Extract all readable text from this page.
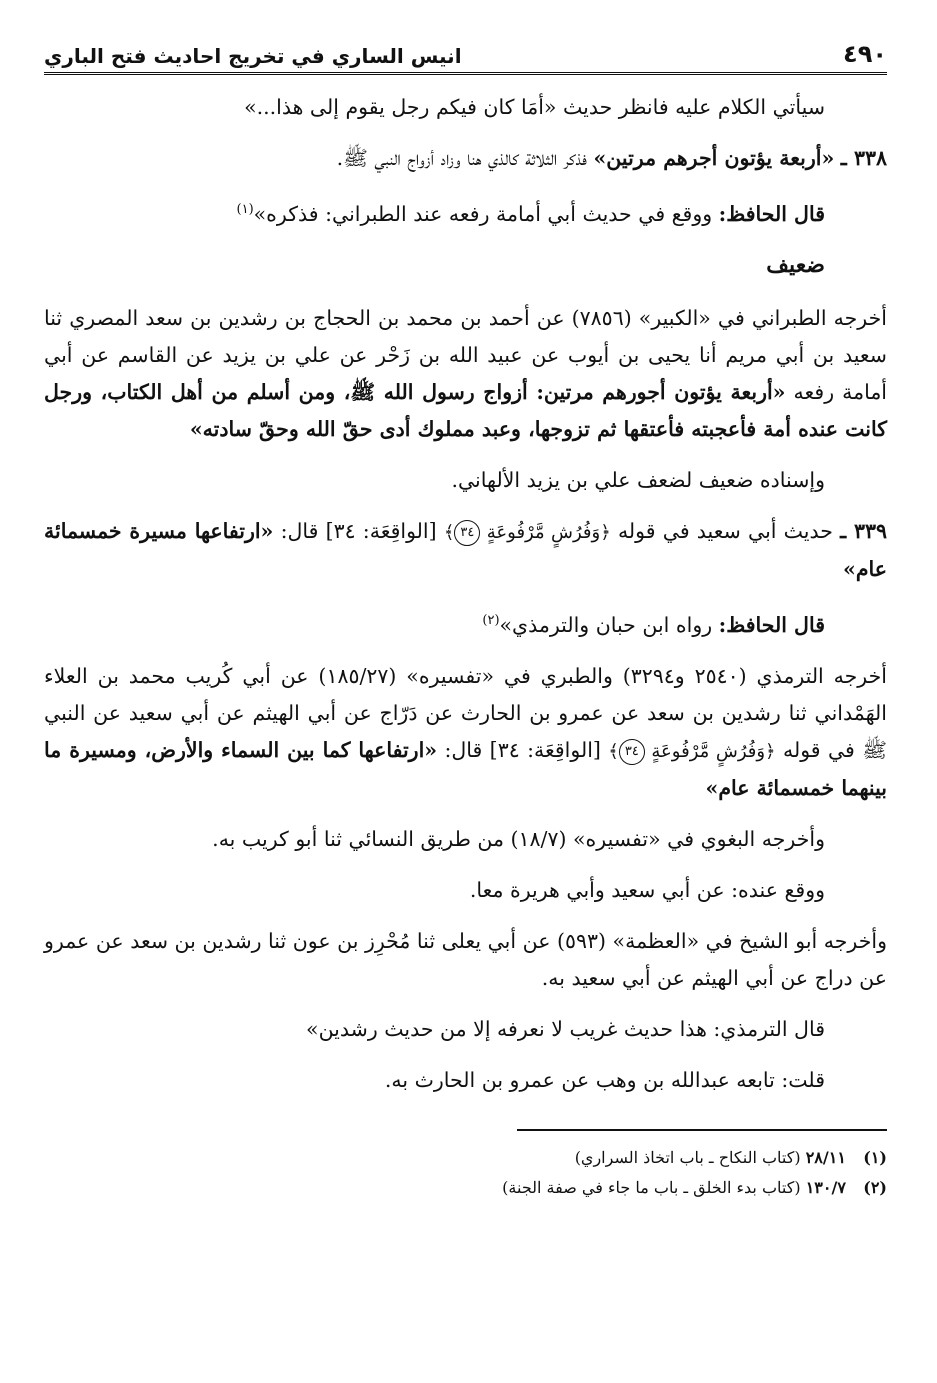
٤٩٠
انيس الساري في تخريج احاديث فتح الباري

سيأتي الكلام عليه فانظر حديث «أمَا كان فيكم رجل يقوم إلى هذا...»

٣٣٨ ـ «أربعة يؤتون أجرهم مرتين» فذكر الثلاثة كالذي هنا وزاد أزواج النبي ﷺ.

قال الحافظ: ووقع في حديث أبي أمامة رفعه عند الطبراني: فذكره»$^{(١)}$

ضعيف

أخرجه الطبراني في «الكبير» (٧٨٥٦) عن أحمد بن محمد بن الحجاج بن رشدين بن سعد المصري ثنا سعيد بن أبي مريم أنا يحيى بن أيوب عن عبيد الله بن زَحْر عن علي بن يزيد عن القاسم عن أبي أمامة رفعه «أربعة يؤتون أجورهم مرتين: أزواج رسول الله ﷺ، ومن أسلم من أهل الكتاب، ورجل كانت عنده أمة فأعجبته فأعتقها ثم تزوجها، وعبد مملوك أدى حقّ الله وحقّ سادته»

وإسناده ضعيف لضعف علي بن يزيد الألهاني.

٣٣٩ ـ حديث أبي سعيد في قوله ﴿وَفُرُشٍ مَّرْفُوعَةٍ ٣٤﴾ [الواقِعَة: ٣٤] قال: «ارتفاعها مسيرة خمسمائة عام»

قال الحافظ: رواه ابن حبان والترمذي»$^{(٢)}$

أخرجه الترمذي (٢٥٤٠ و٣٢٩٤) والطبري في «تفسيره» (١٨٥/٢٧) عن أبي كُريب محمد بن العلاء الهَمْداني ثنا رشدين بن سعد عن عمرو بن الحارث عن دَرّاج عن أبي الهيثم عن أبي سعيد عن النبي ﷺ في قوله ﴿وَفُرُشٍ مَّرْفُوعَةٍ ٣٤﴾ [الواقِعَة: ٣٤] قال: «ارتفاعها كما بين السماء والأرض، ومسيرة ما بينهما خمسمائة عام»

وأخرجه البغوي في «تفسيره» (١٨/٧) من طريق النسائي ثنا أبو كريب به.

ووقع عنده: عن أبي سعيد وأبي هريرة معا.

وأخرجه أبو الشيخ في «العظمة» (٥٩٣) عن أبي يعلى ثنا مُحْرِز بن عون ثنا رشدين بن سعد عن عمرو عن دراج عن أبي الهيثم عن أبي سعيد به.

قال الترمذي: هذا حديث غريب لا نعرفه إلا من حديث رشدين»

قلت: تابعه عبدالله بن وهب عن عمرو بن الحارث به.

(١) ٢٨/١١ (كتاب النكاح ـ باب اتخاذ السراري)

(٢) ١٣٠/٧ (كتاب بدء الخلق ـ باب ما جاء في صفة الجنة)
